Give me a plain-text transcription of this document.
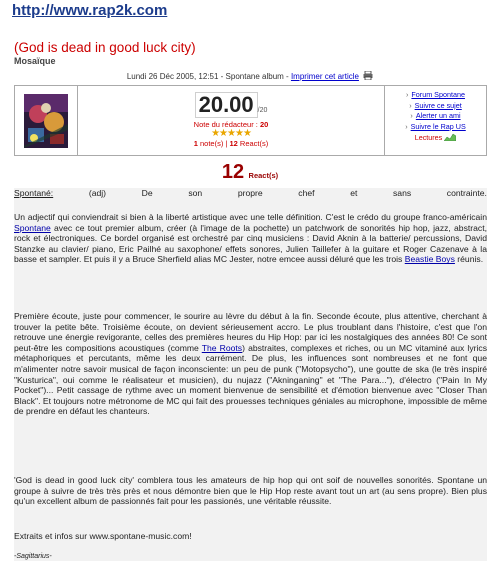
http://www.rap2k.com
(God is dead in good luck city)
Mosaïque
Lundi 26 Déc 2005, 12:51 - Spontane album - Imprimer cet article
20.00 /20
Note du rédacteur : 20
★★★★★
1 note(s) | 12 React(s)
› Forum Spontane
› Suivre ce sujet
› Alerter un ami
› Suivre le Rap US
Lectures
12 React(s)
Spontané:	(adj)	De	son	propre	chef	et	sans	contrainte.
Un adjectif qui conviendrait si bien à la liberté artistique avec une telle définition. C'est le crédo du groupe franco-américain Spontane avec ce tout premier album, créer (à l'image de la pochette) un patchwork de sonorités hip hop, jazz, abstract, rock et électroniques. Ce bordel organisé est orchestré par cinq musiciens : David Aknin à la batterie/ percussions, David Stanzke au clavier/ piano, Eric Pailhé au saxophone/ effets sonores, Julien Taillefer à la guitare et Roger Cazenave à la basse et sampler. Et puis il y a Bruce Sherfield alias MC Jester, notre emcee aussi déluré que les trois Beastie Boys réunis.
Première écoute, juste pour commencer, le sourire au lèvre du début à la fin. Seconde écoute, plus attentive, cherchant à trouver la petite bête. Troisième écoute, on devient sérieusement accro. Le plus troublant dans l'histoire, c'est que l'on retrouve une énergie revigorante, celles des premières heures du Hip Hop: par ici les nostalgiques des années 80! Ce sont peut-être les compositions acoustiques (comme The Roots) abstraites, complexes et riches, ou un MC vitaminé aux lyrics métaphoriques et percutants, même les deux carrément. De plus, les influences sont nombreuses et ne font que m'alimenter notre savoir musical de façon inconsciente: un peu de punk ("Motopsycho"), une goutte de ska (le très inspiré "Kusturica", oui comme le réalisateur et musicien), du nujazz ("Akninganing" et "The Para..."), d'électro ("Pain In My Pocket")... Petit cassage de rythme avec un moment bienvenue de sensibilité et d'émotion bienvenue avec "Closer Than Black". Et toujours notre métronome de MC qui fait des prouesses techniques géniales au microphone, impossible de même de prendre en défaut les chanteurs.
'God is dead in good luck city' comblera tous les amateurs de hip hop qui ont soif de nouvelles sonorités. Spontane un groupe à suivre de très très près et nous démontre bien que le Hip Hop reste avant tout un art (au sens propre). Bien plus qu'un excellent album de passionnés fait pour les passionés, une véritable réussite.
Extraits et infos sur www.spontane-music.com!
-Sagittarius-
